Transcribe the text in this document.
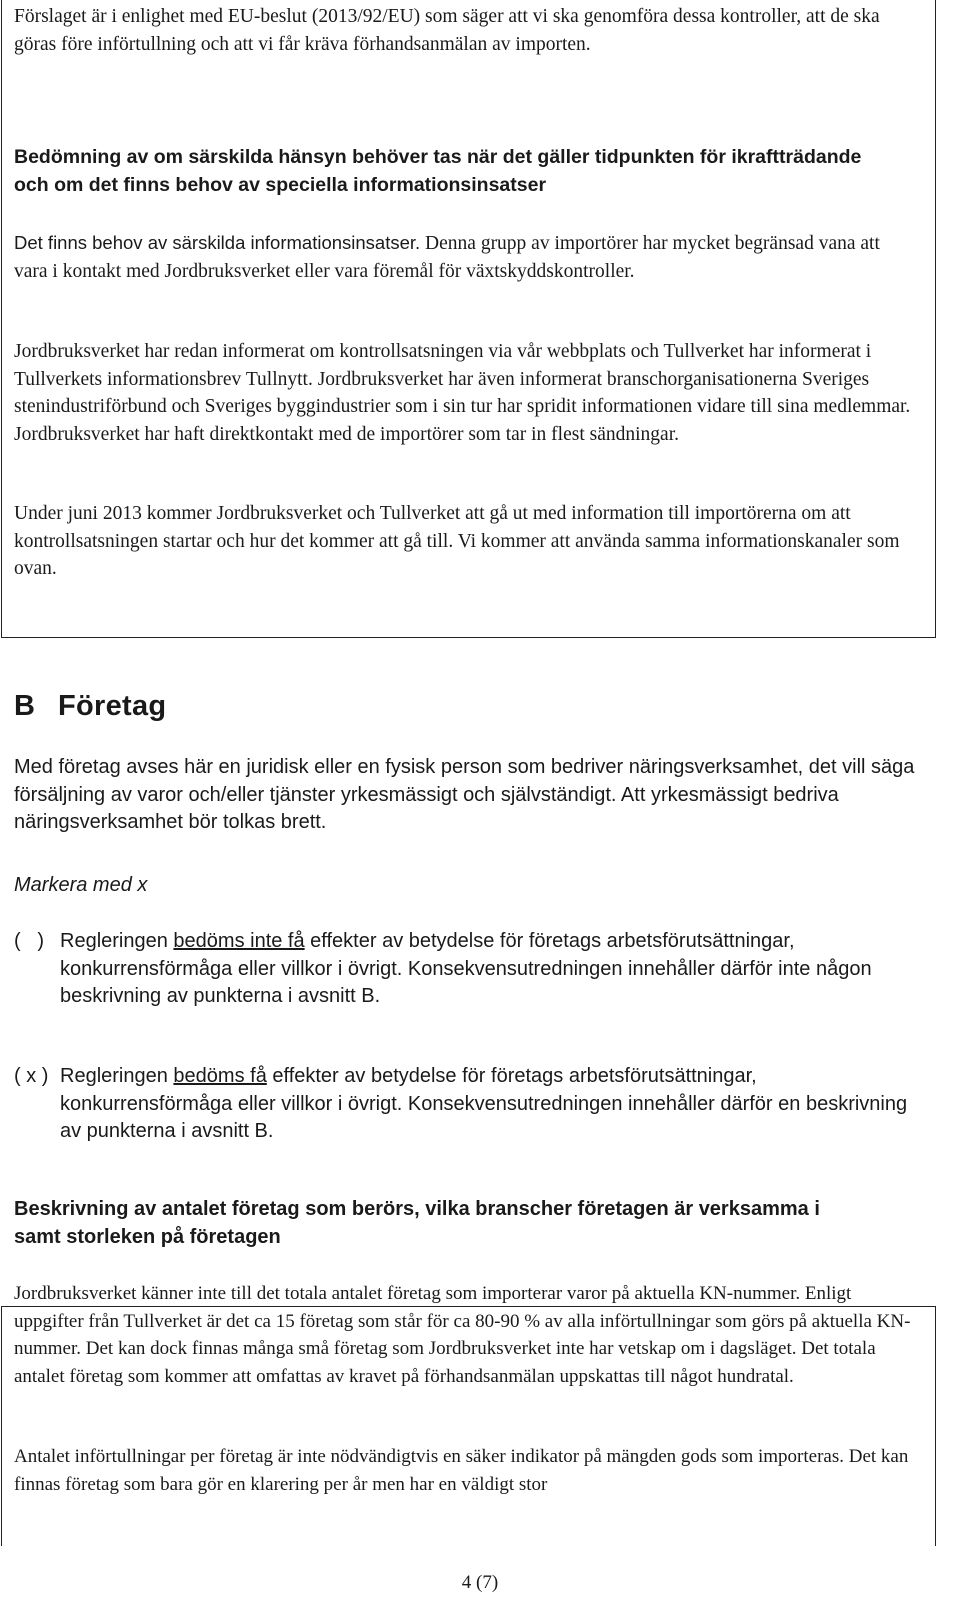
Förslaget är i enlighet med EU-beslut (2013/92/EU) som säger att vi ska genomföra dessa kontroller, att de ska göras före införtullning och att vi får kräva förhandsanmälan av importen.

Bedömning av om särskilda hänsyn behöver tas när det gäller tidpunkten för ikraftträdande och om det finns behov av speciella informationsinsatser

Det finns behov av särskilda informationsinsatser. Denna grupp av importörer har mycket begränsad vana att vara i kontakt med Jordbruksverket eller vara föremål för växtskyddskontroller.

Jordbruksverket har redan informerat om kontrollsatsningen via vår webbplats och Tullverket har informerat i Tullverkets informationsbrev Tullnytt. Jordbruksverket har även informerat branschorganisationerna Sveriges stenindustriförbund och Sveriges byggindustrier som i sin tur har spridit informationen vidare till sina medlemmar. Jordbruksverket har haft direktkontakt med de importörer som tar in flest sändningar.

Under juni 2013 kommer Jordbruksverket och Tullverket att gå ut med information till importörerna om att kontrollsatsningen startar och hur det kommer att gå till. Vi kommer att använda samma informationskanaler som ovan.

B Företag

Med företag avses här en juridisk eller en fysisk person som bedriver näringsverksamhet, det vill säga försäljning av varor och/eller tjänster yrkesmässigt och självständigt. Att yrkesmässigt bedriva näringsverksamhet bör tolkas brett.

Markera med x

(   ) Regleringen bedöms inte få effekter av betydelse för företags arbetsförutsättningar, konkurrensförmåga eller villkor i övrigt. Konsekvensutredningen innehåller därför inte någon beskrivning av punkterna i avsnitt B.

( x ) Regleringen bedöms få effekter av betydelse för företags arbetsförutsättningar, konkurrensförmåga eller villkor i övrigt. Konsekvensutredningen innehåller därför en beskrivning av punkterna i avsnitt B.

Beskrivning av antalet företag som berörs, vilka branscher företagen är verksamma i samt storleken på företagen

Jordbruksverket känner inte till det totala antalet företag som importerar varor på aktuella KN-nummer. Enligt uppgifter från Tullverket är det ca 15 företag som står för ca 80-90 % av alla införtullningar som görs på aktuella KN-nummer. Det kan dock finnas många små företag som Jordbruksverket inte har vetskap om i dagsläget. Det totala antalet företag som kommer att omfattas av kravet på förhandsanmälan uppskattas till något hundratal.

Antalet införtullningar per företag är inte nödvändigtvis en säker indikator på mängden gods som importeras. Det kan finnas företag som bara gör en klarering per år men har en väldigt stor

4 (7)
